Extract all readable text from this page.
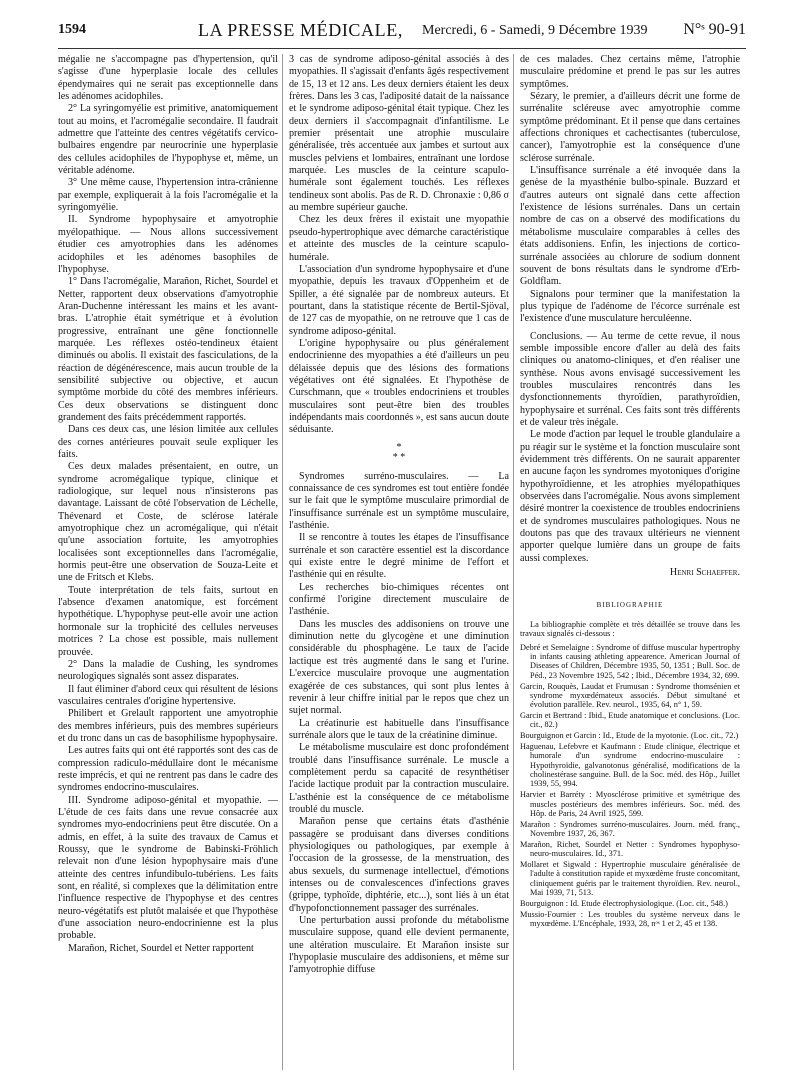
1594	LA PRESSE MÉDICALE, Mercredi, 6 - Samedi, 9 Décembre 1939 N°ˢ 90-91

mégalie ne s'accompagne pas d'hypertension, qu'il s'agisse d'une hyperplasie locale des cellules épendymaires qui ne serait pas exceptionnelle dans les adénomes acidophiles.

2° La syringomyélie est primitive, anatomiquement tout au moins, et l'acromégalie secondaire. Il faudrait admettre que l'atteinte des centres végétatifs cervico-bulbaires engendre par neurocrinie une hyperplasie des cellules acidophiles de l'hypophyse et, même, un véritable adénome.

3° Une même cause, l'hypertension intra-crânienne par exemple, expliquerait à la fois l'acromégalie et la syringomyélie.

II. Syndrome hypophysaire et amyotrophie myélopathique. — Nous allons successivement étudier ces amyotrophies dans les adénomes acidophiles et les adénomes basophiles de l'hypophyse.

1° Dans l'acromégalie, Marañon, Richet, Sourdel et Netter, rapportent deux observations d'amyotrophie Aran-Duchenne intéressant les mains et les avant-bras. L'atrophie était symétrique et à évolution progressive, entraînant une gêne fonctionnelle marquée. Les réflexes ostéo-tendineux étaient diminués ou abolis. Il existait des fasciculations, de la réaction de dégénérescence, mais aucun trouble de la sensibilité subjective ou objective, et aucun symptôme morbide du côté des membres inférieurs. Ces deux observations se distinguent donc grandement des faits précédemment rapportés.

Dans ces deux cas, une lésion limitée aux cellules des cornes antérieures pouvait seule expliquer les faits.

Ces deux malades présentaient, en outre, un syndrome acromégalique typique, clinique et radiologique, sur lequel nous n'insisterons pas davantage. Laissant de côté l'observation de Léchelle, Thévenard et Coste, de sclérose latérale amyotrophique chez un acromégalique, qui n'était qu'une association fortuite, les amyotrophies localisées sont exceptionnelles dans l'acromégalie, hormis peut-être une observation de Souza-Leite et une de Fritsch et Klebs.

Toute interprétation de tels faits, surtout en l'absence d'examen anatomique, est forcément hypothétique. L'hypophyse peut-elle avoir une action hormonale sur la trophicité des cellules nerveuses motrices ? La chose est possible, mais nullement prouvée.

2° Dans la maladie de Cushing, les syndromes neurologiques signalés sont assez disparates.

Il faut éliminer d'abord ceux qui résultent de lésions vasculaires centrales d'origine hypertensive.

Philibert et Grelault rapportent une amyotrophie des membres inférieurs, puis des membres supérieurs et du tronc dans un cas de basophilisme hypophysaire.

Les autres faits qui ont été rapportés sont des cas de compression radiculo-médullaire dont le mécanisme reste imprécis, et qui ne rentrent pas dans le cadre des syndromes endocrino-musculaires.

III. Syndrome adiposo-génital et myopathie. — L'étude de ces faits dans une revue consacrée aux syndromes myo-endocriniens peut être discutée. On a admis, en effet, à la suite des travaux de Camus et Roussy, que le syndrome de Babinski-Fröhlich relevait non d'une lésion hypophysaire mais d'une atteinte des centres infundibulo-tubériens. Les faits sont, en réalité, si complexes que la délimitation entre l'influence respective de l'hypophyse et des centres neuro-végétatifs est plutôt malaisée et que l'hypothèse d'une association neuro-endocrinienne est la plus probable.

Marañon, Richet, Sourdel et Netter rapportent

3 cas de syndrome adiposo-génital associés à des myopathies. Il s'agissait d'enfants âgés respectivement de 15, 13 et 12 ans. Les deux derniers étaient les deux frères. Dans les 3 cas, l'adiposité datait de la naissance et le syndrome adiposo-génital était typique. Chez les deux derniers il s'accompagnait d'infantilisme. Le premier présentait une atrophie musculaire généralisée, très accentuée aux jambes et surtout aux muscles pelviens et lombaires, entraînant une lordose marquée. Les muscles de la ceinture scapulo-humérale sont également touchés. Les réflexes tendineux sont abolis. Pas de R. D. Chronaxie : 0,86 σ au membre supérieur gauche.

Chez les deux frères il existait une myopathie pseudo-hypertrophique avec démarche caractéristique et atteinte des muscles de la ceinture scapulo-humérale.

L'association d'un syndrome hypophysaire et d'une myopathie, depuis les travaux d'Oppenheim et de Spiller, a été signalée par de nombreux auteurs. Et pourtant, dans la statistique récente de Bertil-Sjöval, de 127 cas de myopathie, on ne retrouve que 1 cas de syndrome adiposo-génital.

L'origine hypophysaire ou plus généralement endocrinienne des myopathies a été d'ailleurs un peu délaissée depuis que des lésions des formations végétatives ont été signalées. Et l'hypothèse de Curschmann, que « troubles endocriniens et troubles musculaires sont peut-être bien des troubles indépendants mais coordonnés », est sans aucun doute séduisante.

*
* *

Syndromes surréno-musculaires. — La connaissance de ces syndromes est tout entière fondée sur le fait que le symptôme musculaire primordial de l'insuffisance surrénale est un symptôme musculaire, l'asthénie.

Il se rencontre à toutes les étapes de l'insuffisance surrénale et son caractère essentiel est la discordance qui existe entre le degré minime de l'effort et l'asthénie qui en résulte.

Les recherches bio-chimiques récentes ont confirmé l'origine directement musculaire de l'asthénie.

Dans les muscles des addisoniens on trouve une diminution nette du glycogène et une diminution considérable du phosphagène. Le taux de l'acide lactique est très augmenté dans le sang et l'urine. L'exercice musculaire provoque une augmentation exagérée de ces substances, qui sont plus lentes à revenir à leur chiffre initial par le repos que chez un sujet normal.

La créatinurie est habituelle dans l'insuffisance surrénale alors que le taux de la créatinine diminue.

Le métabolisme musculaire est donc profondément troublé dans l'insuffisance surrénale. Le muscle a complètement perdu sa capacité de resynthétiser l'acide lactique produit par la contraction musculaire. L'asthénie est la conséquence de ce métabolisme troublé du muscle.

Marañon pense que certains états d'asthénie passagère se produisant dans diverses conditions physiologiques ou pathologiques, par exemple à l'occasion de la grossesse, de la menstruation, des abus sexuels, du surmenage intellectuel, d'émotions intenses ou de convalescences d'infections graves (grippe, typhoïde, diphtérie, etc...), sont liés à un état d'hypofonctionnement passager des surrénales.

Une perturbation aussi profonde du métabolisme musculaire suppose, quand elle devient permanente, une altération musculaire. Et Marañon insiste sur l'hypoplasie musculaire des addisoniens, et même sur l'amyotrophie diffuse

de ces malades. Chez certains même, l'atrophie musculaire prédomine et prend le pas sur les autres symptômes.

Sézary, le premier, a d'ailleurs décrit une forme de surrénalite scléreuse avec amyotrophie comme symptôme prédominant. Et il pense que dans certaines affections chroniques et cachectisantes (tuberculose, cancer), l'amyotrophie est la conséquence d'une sclérose surrénale.

L'insuffisance surrénale a été invoquée dans la genèse de la myasthénie bulbo-spinale. Buzzard et d'autres auteurs ont signalé dans cette affection l'existence de lésions surrénales. Dans un certain nombre de cas on a observé des modifications du métabolisme musculaire comparables à celles des états addisoniens. Enfin, les injections de cortico-surrénale associées au chlorure de sodium donnent souvent de bons résultats dans le syndrome d'Erb-Goldflam.

Signalons pour terminer que la manifestation la plus typique de l'adénome de l'écorce surrénale est l'existence d'une musculature herculéenne.

Conclusions. — Au terme de cette revue, il nous semble impossible encore d'aller au delà des faits cliniques ou anatomo-cliniques, et d'en réaliser une synthèse. Nous avons envisagé successivement les troubles musculaires rencontrés dans les dysfonctionnements thyroïdien, parathyroïdien, hypophysaire et surrénal. Ces faits sont très différents et de valeur très inégale.

Le mode d'action par lequel le trouble glandulaire a pu réagir sur le système et la fonction musculaire sont évidemment très différents. On ne saurait apparenter en aucune façon les syndromes myotoniques d'origine hypothyroïdienne, et les atrophies myélopathiques observées dans l'acromégalie. Nous avons simplement désiré montrer la coexistence de troubles endocriniens et de syndromes musculaires pathologiques. Nous ne doutons pas que des travaux ultérieurs ne viennent apporter quelque lumière dans un groupe de faits aussi complexes.

Henri Schaeffer.

BIBLIOGRAPHIE

La bibliographie complète et très détaillée se trouve dans les travaux signalés ci-dessous :

Debré et Semelaigne : Syndrome of diffuse muscular hypertrophy in infants causing athleting appearence. American Journal of Diseases of Children, Décembre 1935, 50, 1351 ; Bull. Soc. de Péd., 23 Novembre 1925, 542 ; Ibid., Décembre 1934, 32, 699.

Garcin, Rouquès, Laudat et Frumusan : Syndrome thomsénien et syndrome myxœdémateux associés. Début simultané et évolution parallèle. Rev. neurol., 1935, 64, n° 1, 59.

Garcin et Bertrand : Ibid., Etude anatomique et conclusions. (Loc. cit., 82.)

Bourguignon et Garcin : Id., Etude de la myotonie. (Loc. cit., 72.)

Haguenau, Lefebvre et Kaufmann : Etude clinique, électrique et humorale d'un syndrome endocrino-musculaire : Hypothyroïdie, galvanotonus généralisé, modifications de la cholinestérase sanguine. Bull. de la Soc. méd. des Hôp., Juillet 1939, 55, 994.

Harvier et Barréty : Myosclérose primitive et symétrique des muscles postérieurs des membres inférieurs. Soc. méd. des Hôp. de Paris, 24 Avril 1925, 599.

Marañon : Syndromes surréno-musculaires. Journ. méd. franç., Novembre 1937, 26, 367.

Marañon, Richet, Sourdel et Netter : Syndromes hypophyso-neuro-musculaires. Id., 371.

Mollaret et Sigwald : Hypertrophie musculaire généralisée de l'adulte à constitution rapide et myxœdème fruste concomitant, cliniquement guéris par le traitement thyroïdien. Rev. neurol., Mai 1939, 71, 513.

Bourguignon : Id. Etude électrophysiologique. (Loc. cit., 548.)

Mussio-Fournier : Les troubles du système nerveux dans le myxœdème. L'Encéphale, 1933, 28, nᵒˢ 1 et 2, 45 et 138.
